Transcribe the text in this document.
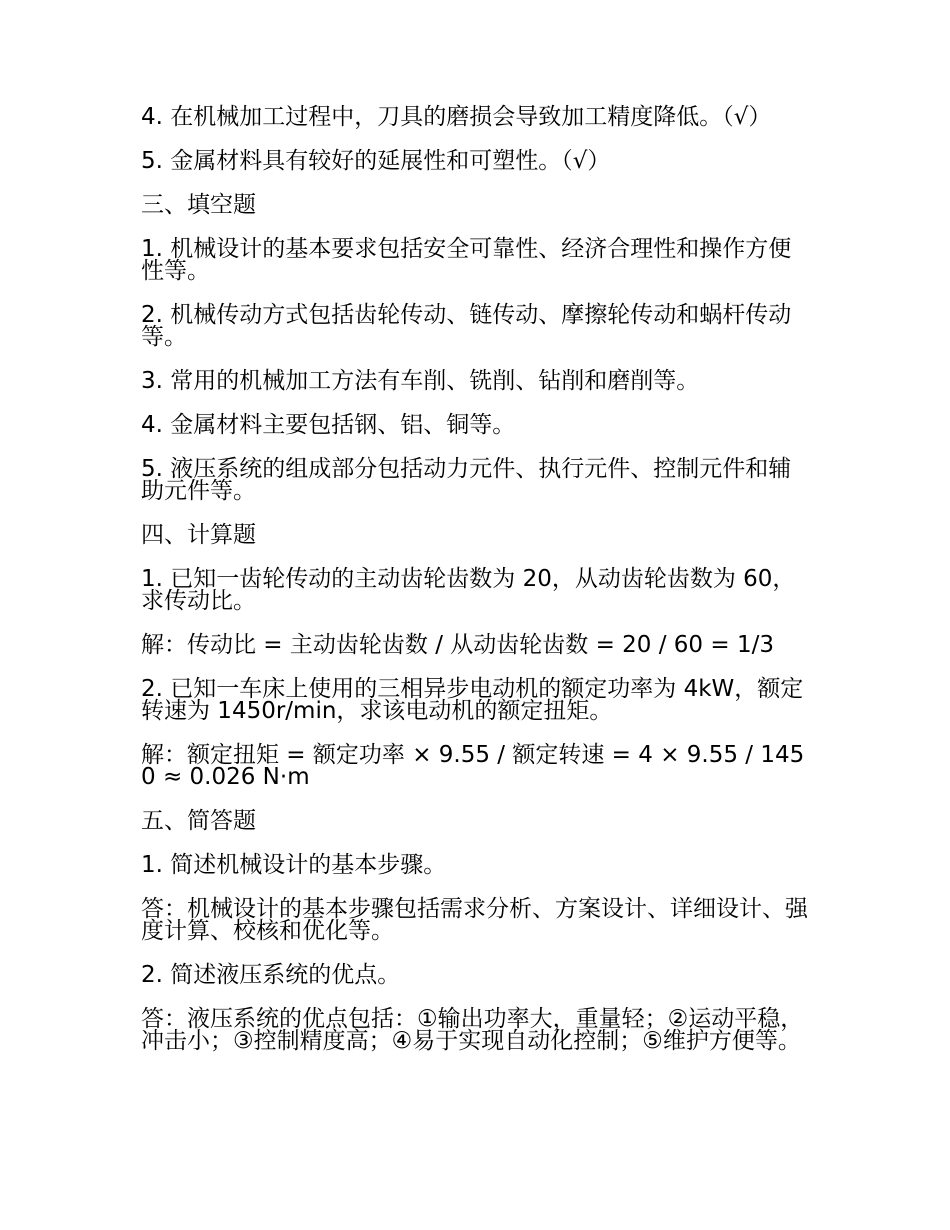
4. 在机械加工过程中，刀具的磨损会导致加工精度降低。（√）

5. 金属材料具有较好的延展性和可塑性。（√）

三、填空题

1. 机械设计的基本要求包括安全可靠性、经济合理性和操作方便性等。

2. 机械传动方式包括齿轮传动、链传动、摩擦轮传动和蜗杆传动等。

3. 常用的机械加工方法有车削、铣削、钻削和磨削等。

4. 金属材料主要包括钢、铝、铜等。

5. 液压系统的组成部分包括动力元件、执行元件、控制元件和辅助元件等。

四、计算题

1. 已知一齿轮传动的主动齿轮齿数为 20，从动齿轮齿数为 60，求传动比。

解：传动比 = 主动齿轮齿数 / 从动齿轮齿数 = 20 / 60 = 1/3

2. 已知一车床上使用的三相异步电动机的额定功率为 4kW，额定转速为 1450r/min，求该电动机的额定扭矩。

解：额定扭矩 = 额定功率 × 9.55 / 额定转速 = 4 × 9.55 / 1450 ≈ 0.026 N·m

五、简答题

1. 简述机械设计的基本步骤。

答：机械设计的基本步骤包括需求分析、方案设计、详细设计、强度计算、校核和优化等。

2. 简述液压系统的优点。

答：液压系统的优点包括：①输出功率大，重量轻；②运动平稳，冲击小；③控制精度高；④易于实现自动化控制；⑤维护方便等。
